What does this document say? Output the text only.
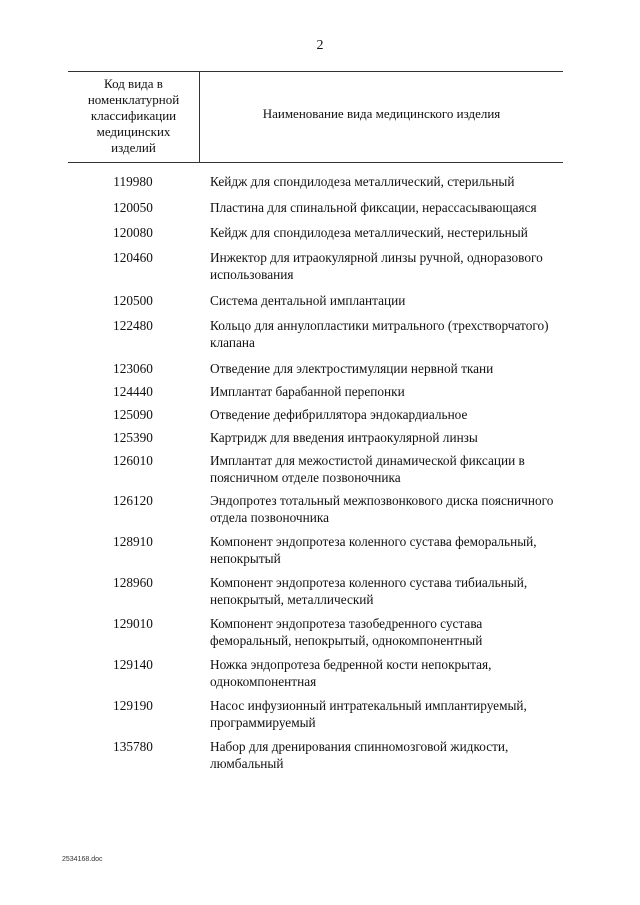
2
Код вида в
номенклатурной
классификации
медицинских
изделий
Наименование вида медицинского изделия
119980	Кейдж для спондилодеза металлический, стерильный
120050	Пластина для спинальной фиксации, нерассасывающаяся
120080	Кейдж для спондилодеза металлический, нестерильный
120460	Инжектор для итраокулярной линзы ручной, одноразового использования
120500	Система дентальной имплантации
122480	Кольцо для аннулопластики митрального (трехстворчатого) клапана
123060	Отведение для электростимуляции нервной ткани
124440	Имплантат барабанной перепонки
125090	Отведение дефибриллятора эндокардиальное
125390	Картридж для введения интраокулярной линзы
126010	Имплантат для межостистой динамической фиксации в поясничном отделе позвоночника
126120	Эндопротез тотальный межпозвонкового диска поясничного отдела позвоночника
128910	Компонент эндопротеза коленного сустава феморальный, непокрытый
128960	Компонент эндопротеза коленного сустава тибиальный, непокрытый, металлический
129010	Компонент эндопротеза тазобедренного сустава феморальный, непокрытый, однокомпонентный
129140	Ножка эндопротеза бедренной кости непокрытая, однокомпонентная
129190	Насос инфузионный интратекальный имплантируемый, программируемый
135780	Набор для дренирования спинномозговой жидкости, люмбальный
2534168.doc
